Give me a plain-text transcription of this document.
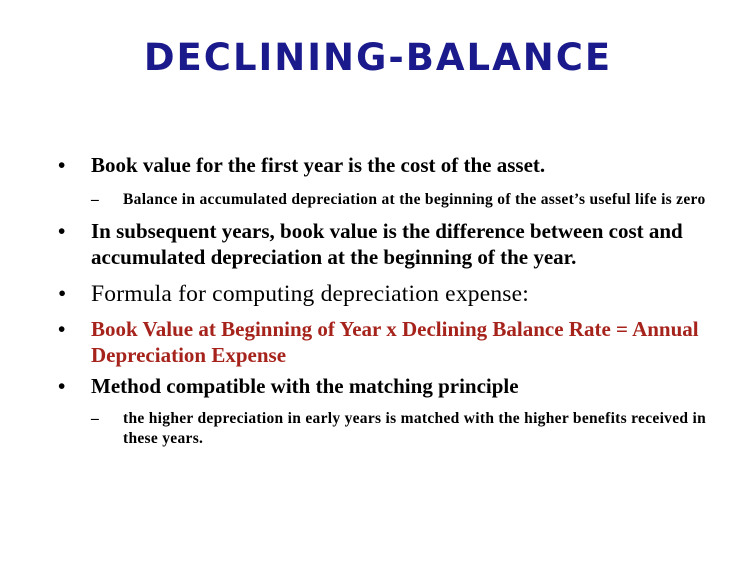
DECLINING-BALANCE
•	Book value for the first year is the cost of the asset.
– Balance in accumulated depreciation at the beginning of the asset’s useful life is zero
•	In subsequent years, book value is the difference between cost and accumulated depreciation at the beginning of the year.
•	Formula for computing depreciation expense:
•	Book Value at Beginning of Year x Declining Balance Rate = Annual Depreciation Expense
•	Method compatible with the matching principle
– the higher depreciation in early years is matched with the higher benefits received in these years.
